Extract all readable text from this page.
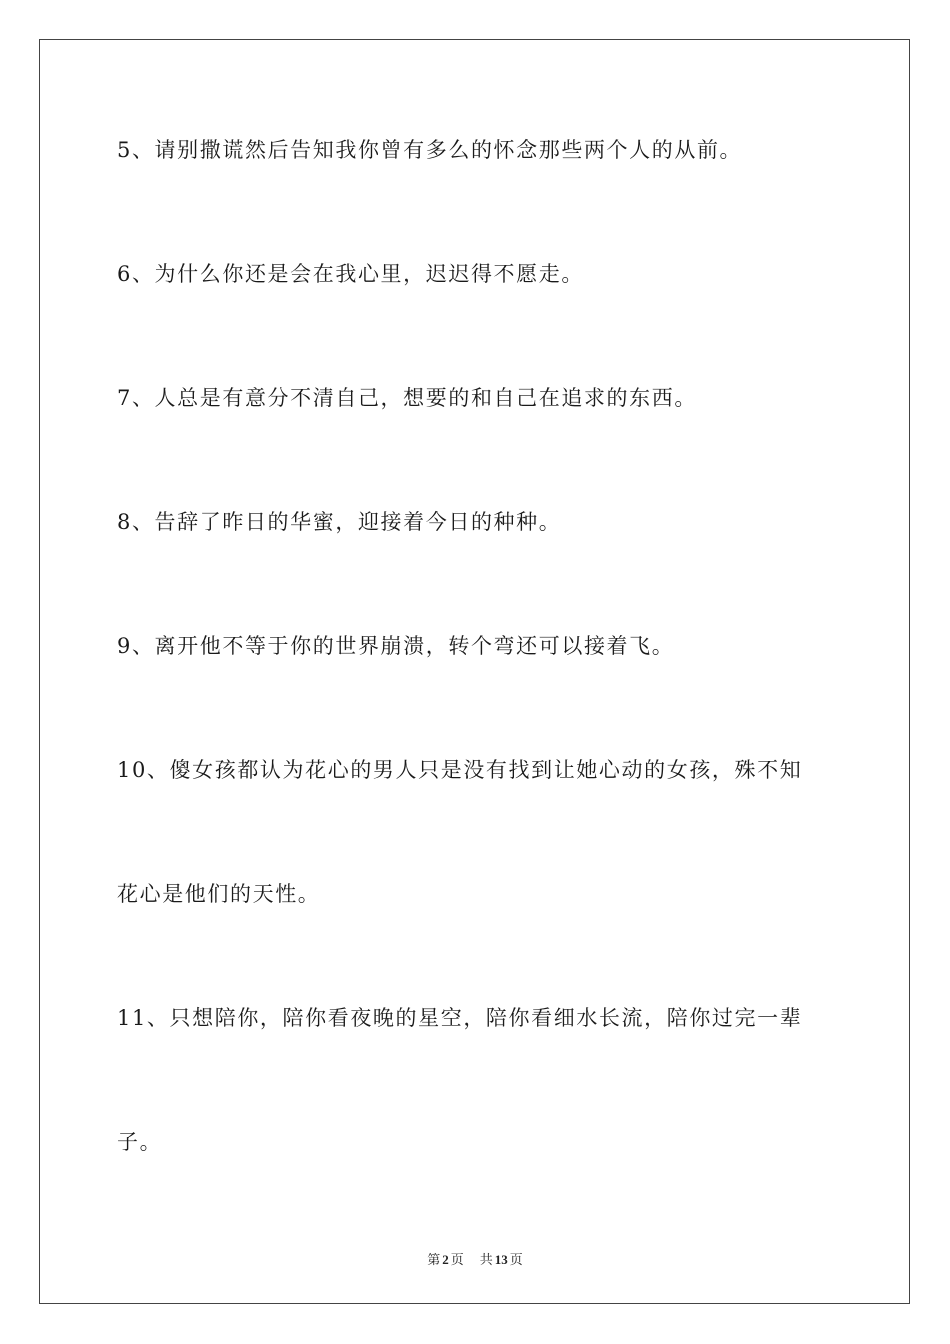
5、请别撒谎然后告知我你曾有多么的怀念那些两个人的从前。
6、为什么你还是会在我心里，迟迟得不愿走。
7、人总是有意分不清自己，想要的和自己在追求的东西。
8、告辞了昨日的华蜜，迎接着今日的种种。
9、离开他不等于你的世界崩溃，转个弯还可以接着飞。
10、傻女孩都认为花心的男人只是没有找到让她心动的女孩，殊不知
花心是他们的天性。
11、只想陪你，陪你看夜晚的星空，陪你看细水长流，陪你过完一辈
子。
第 2 页 共 13 页
